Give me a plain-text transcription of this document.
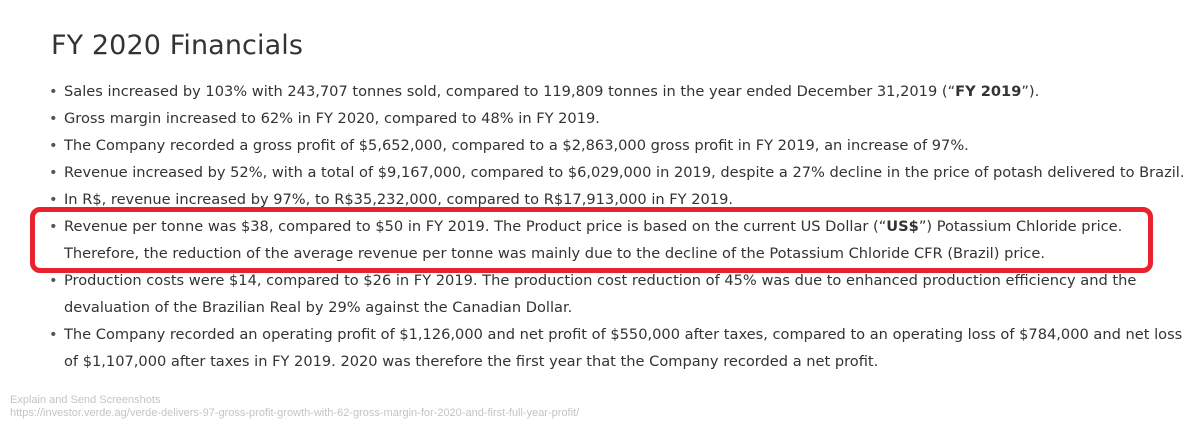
FY 2020 Financials
• Sales increased by 103% with 243,707 tonnes sold, compared to 119,809 tonnes in the year ended December 31,2019 (“FY 2019”).
• Gross margin increased to 62% in FY 2020, compared to 48% in FY 2019.
• The Company recorded a gross profit of $5,652,000, compared to a $2,863,000 gross profit in FY 2019, an increase of 97%.
• Revenue increased by 52%, with a total of $9,167,000, compared to $6,029,000 in 2019, despite a 27% decline in the price of potash delivered to Brazil.
• In R$, revenue increased by 97%, to R$35,232,000, compared to R$17,913,000 in FY 2019.
• Revenue per tonne was $38, compared to $50 in FY 2019. The Product price is based on the current US Dollar (“US$”) Potassium Chloride price.
Therefore, the reduction of the average revenue per tonne was mainly due to the decline of the Potassium Chloride CFR (Brazil) price.
• Production costs were $14, compared to $26 in FY 2019. The production cost reduction of 45% was due to enhanced production efficiency and the
devaluation of the Brazilian Real by 29% against the Canadian Dollar.
• The Company recorded an operating profit of $1,126,000 and net profit of $550,000 after taxes, compared to an operating loss of $784,000 and net loss
of $1,107,000 after taxes in FY 2019. 2020 was therefore the first year that the Company recorded a net profit.
Explain and Send Screenshots
https://investor.verde.ag/verde-delivers-97-gross-profit-growth-with-62-gross-margin-for-2020-and-first-full-year-profit/
